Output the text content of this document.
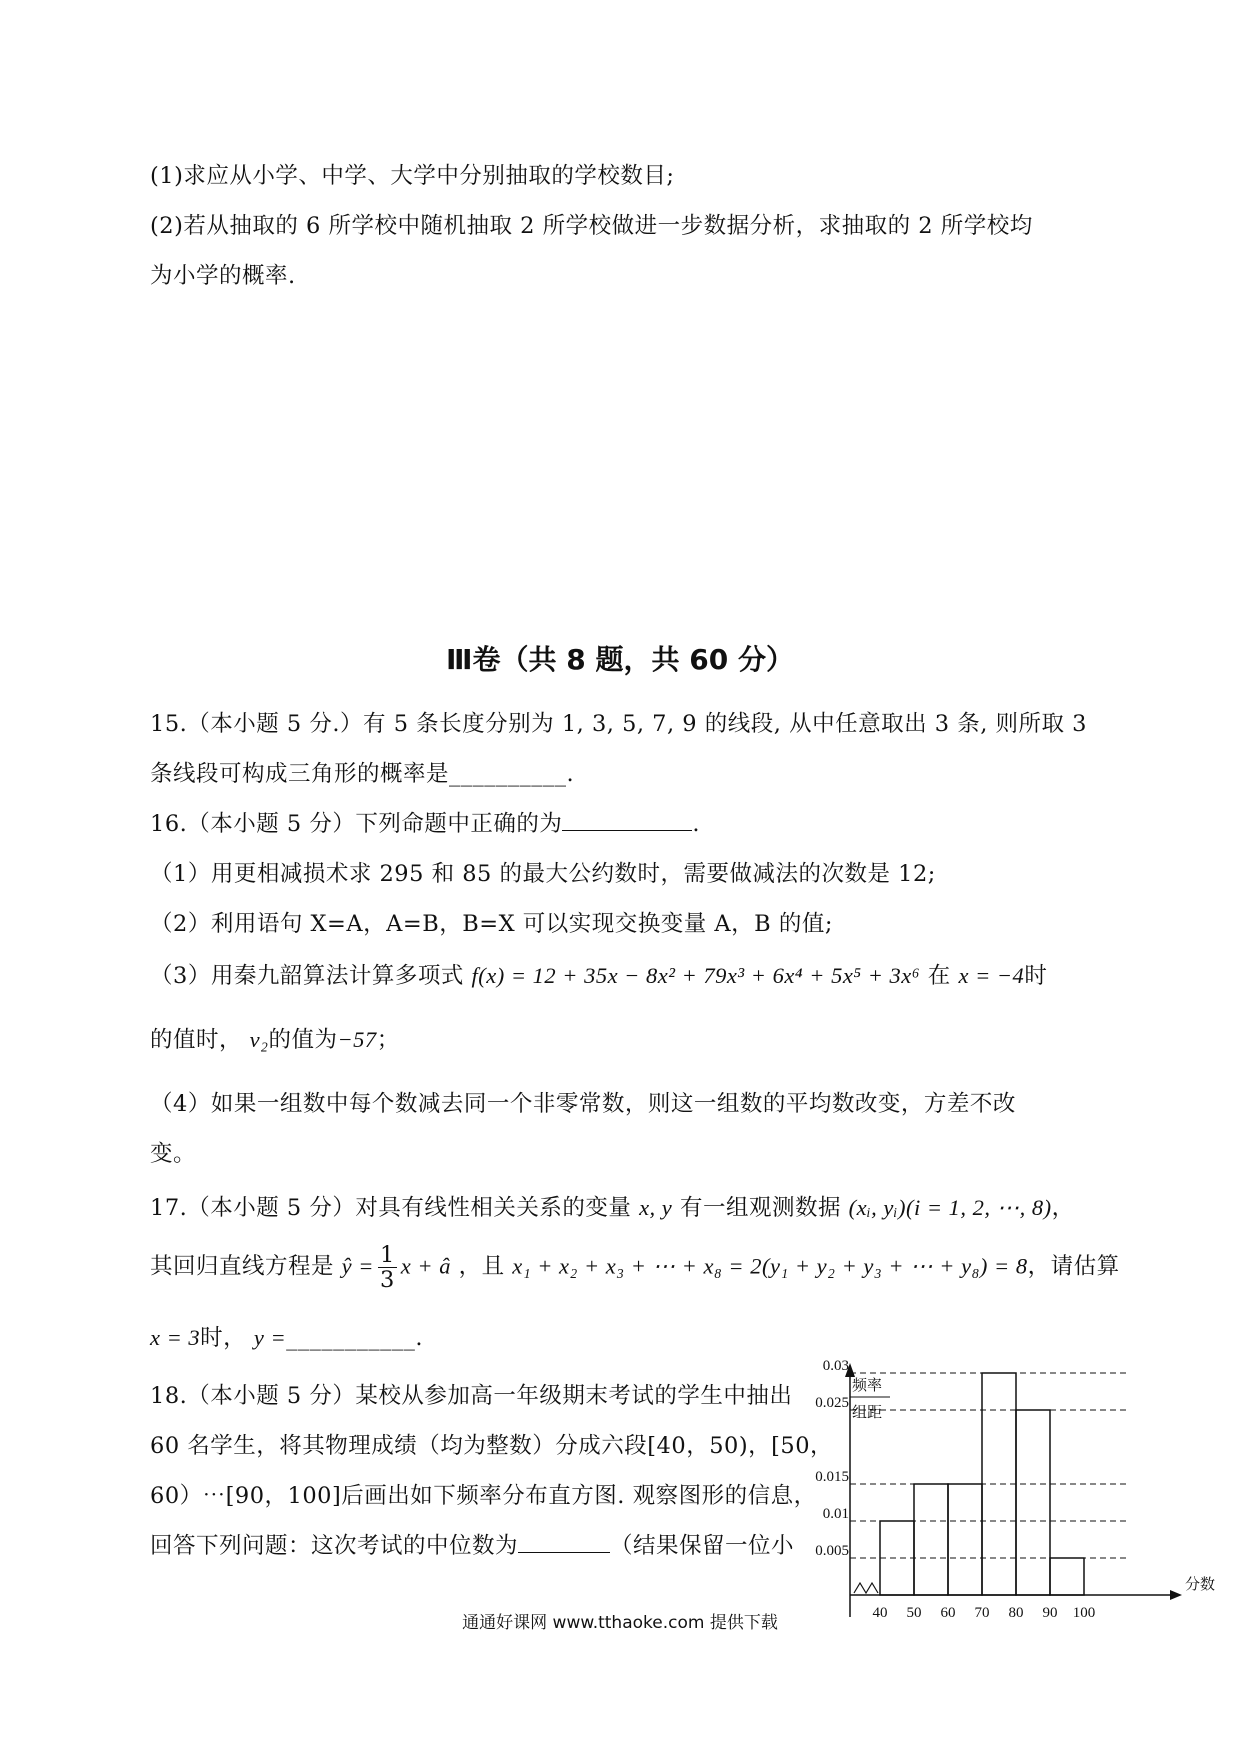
(1)求应从小学、中学、大学中分别抽取的学校数目;
(2)若从抽取的 6 所学校中随机抽取 2 所学校做进一步数据分析，求抽取的 2 所学校均
为小学的概率.
Ⅲ卷（共 8 题，共 60 分）
15.（本小题 5 分.）有 5 条长度分别为 1, 3, 5, 7, 9 的线段, 从中任意取出 3 条, 则所取 3
条线段可构成三角形的概率是__________.
16.（本小题 5 分）下列命题中正确的为	.
（1）用更相减损术求 295 和 85 的最大公约数时，需要做减法的次数是 12;
（2）利用语句 X=A，A=B，B=X 可以实现交换变量 A，B 的值;
（3）用秦九韶算法计算多项式 f(x) = 12 + 35x − 8x² + 79x³ + 6x⁴ + 5x⁵ + 3x⁶ 在 x = −4时
的值时， v₂的值为−57；
（4）如果一组数中每个数减去同一个非零常数，则这一组数的平均数改变，方差不改
变。
17.（本小题 5 分）对具有线性相关关系的变量 x, y 有一组观测数据 (xᵢ, yᵢ)(i = 1, 2, ⋯, 8)，
其回归直线方程是 ŷ = $\frac{1}{3}$ x + â ，且 x₁ + x₂ + x₃ + ⋯ + x₈ = 2(y₁ + y₂ + y₃ + ⋯ + y₈) = 8，请估算
x = 3时， y =___________.
18.（本小题 5 分）某校从参加高一年级期末考试的学生中抽出
60 名学生，将其物理成绩（均为整数）分成六段[40，50)，[50，
60）⋯[90，100]后画出如下频率分布直方图. 观察图形的信息，
回答下列问题：这次考试的中位数为	（结果保留一位小
频率
组距
0.005
0.01
0.015
0.025
0.03
40 50 60 70 80 90 100
分数
通通好课网 www.tthaoke.com 提供下载
